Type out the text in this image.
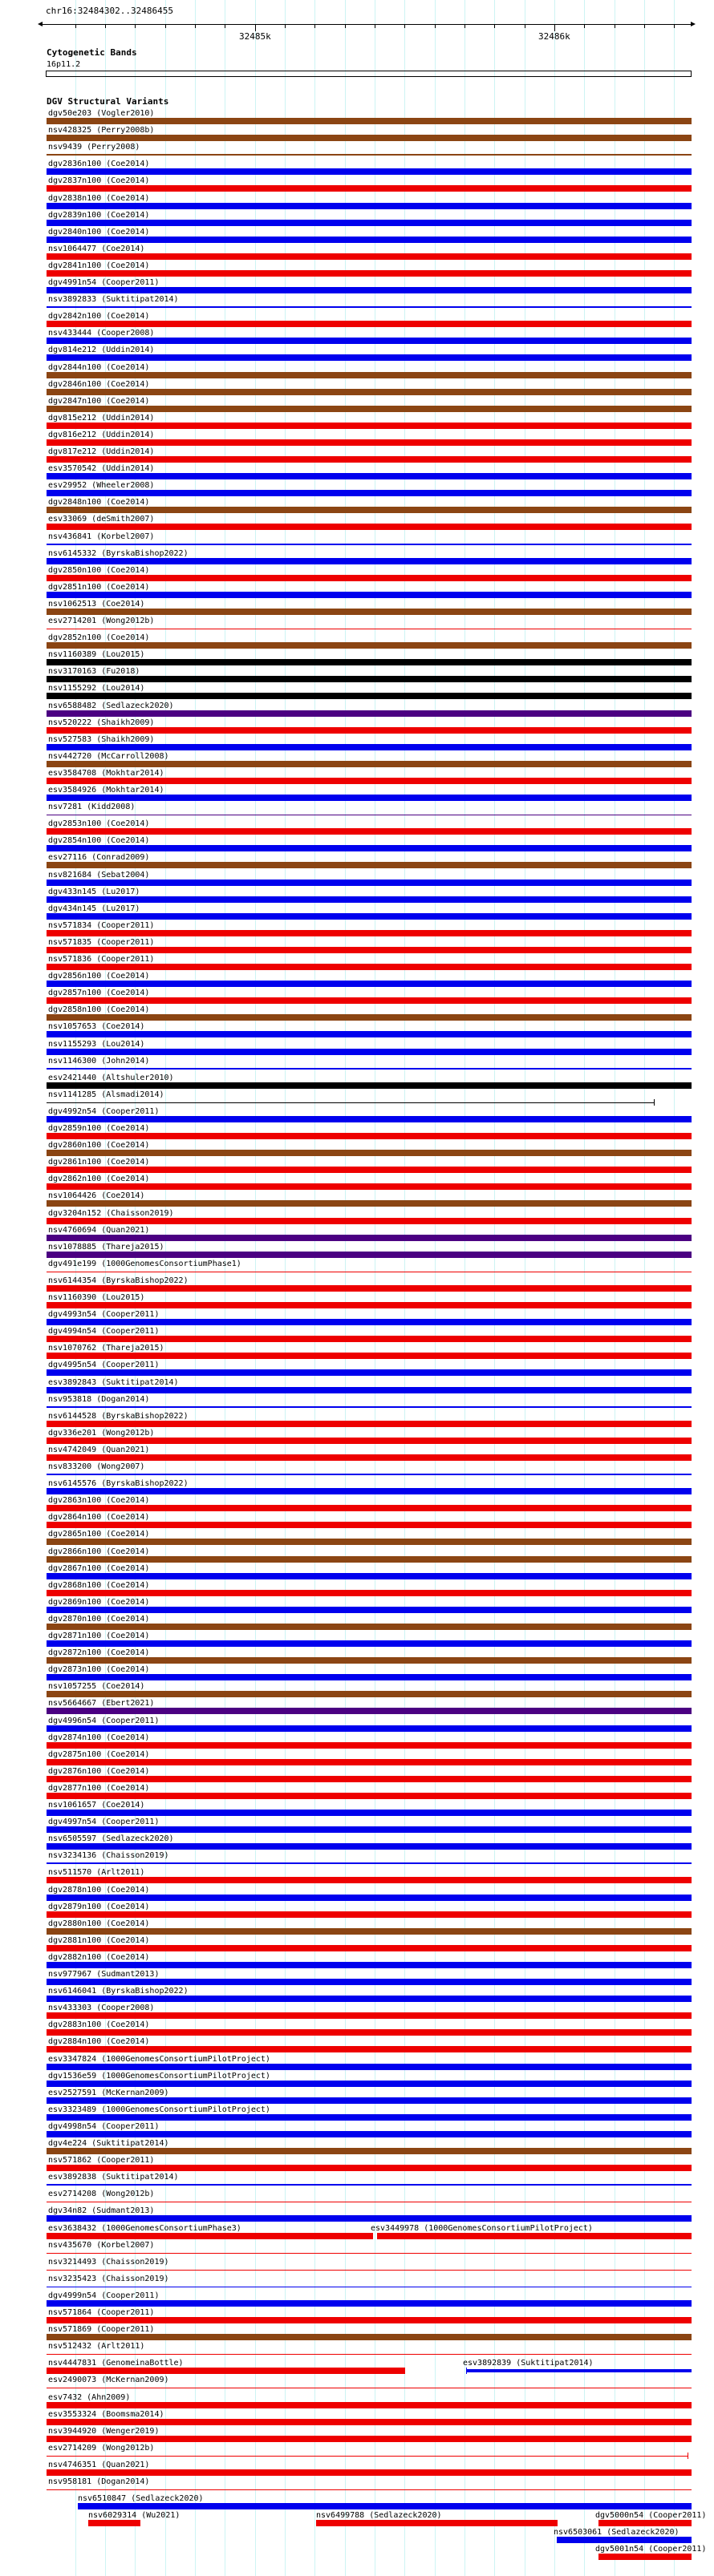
chr16:32484302..32486455
32485k	32486k
Cytogenetic Bands
16p11.2
DGV Structural Variants
dgv50e203 (Vogler2010)
nsv428325 (Perry2008b)
nsv9439 (Perry2008)
dgv2836n100 (Coe2014)
dgv2837n100 (Coe2014)
dgv2838n100 (Coe2014)
dgv2839n100 (Coe2014)
dgv2840n100 (Coe2014)
nsv1064477 (Coe2014)
dgv2841n100 (Coe2014)
dgv4991n54 (Cooper2011)
nsv3892833 (Suktitipat2014)
dgv2842n100 (Coe2014)
nsv433444 (Cooper2008)
dgv814e212 (Uddin2014)
dgv2844n100 (Coe2014)
dgv2846n100 (Coe2014)
dgv2847n100 (Coe2014)
dgv815e212 (Uddin2014)
dgv816e212 (Uddin2014)
dgv817e212 (Uddin2014)
esv3570542 (Uddin2014)
esv29952 (Wheeler2008)
dgv2848n100 (Coe2014)
esv33069 (deSmith2007)
nsv436841 (Korbel2007)
nsv6145332 (ByrskaBishop2022)
dgv2850n100 (Coe2014)
dgv2851n100 (Coe2014)
nsv1062513 (Coe2014)
esv2714201 (Wong2012b)
dgv2852n100 (Coe2014)
nsv1160389 (Lou2015)
nsv3170163 (Fu2018)
nsv1155292 (Lou2014)
nsv6588482 (Sedlazeck2020)
nsv520222 (Shaikh2009)
nsv527583 (Shaikh2009)
nsv442720 (McCarroll2008)
esv3584708 (Mokhtar2014)
esv3584926 (Mokhtar2014)
nsv7281 (Kidd2008)
dgv2853n100 (Coe2014)
dgv2854n100 (Coe2014)
esv27116 (Conrad2009)
nsv821684 (Sebat2004)
dgv433n145 (Lu2017)
dgv434n145 (Lu2017)
nsv571834 (Cooper2011)
nsv571835 (Cooper2011)
nsv571836 (Cooper2011)
dgv2856n100 (Coe2014)
dgv2857n100 (Coe2014)
dgv2858n100 (Coe2014)
nsv1057653 (Coe2014)
nsv1155293 (Lou2014)
nsv1146300 (John2014)
esv2421440 (Altshuler2010)
nsv1141285 (Alsmadi2014)
dgv4992n54 (Cooper2011)
dgv2859n100 (Coe2014)
dgv2860n100 (Coe2014)
dgv2861n100 (Coe2014)
dgv2862n100 (Coe2014)
nsv1064426 (Coe2014)
dgv3204n152 (Chaisson2019)
nsv4760694 (Quan2021)
nsv1078885 (Thareja2015)
dgv491e199 (1000GenomesConsortiumPhase1)
nsv6144354 (ByrskaBishop2022)
nsv1160390 (Lou2015)
dgv4993n54 (Cooper2011)
dgv4994n54 (Cooper2011)
nsv1070762 (Thareja2015)
dgv4995n54 (Cooper2011)
esv3892843 (Suktitipat2014)
nsv953818 (Dogan2014)
nsv6144528 (ByrskaBishop2022)
dgv336e201 (Wong2012b)
nsv4742049 (Quan2021)
nsv833200 (Wong2007)
nsv6145576 (ByrskaBishop2022)
dgv2863n100 (Coe2014)
dgv2864n100 (Coe2014)
dgv2865n100 (Coe2014)
dgv2866n100 (Coe2014)
dgv2867n100 (Coe2014)
dgv2868n100 (Coe2014)
dgv2869n100 (Coe2014)
dgv2870n100 (Coe2014)
dgv2871n100 (Coe2014)
dgv2872n100 (Coe2014)
dgv2873n100 (Coe2014)
nsv1057255 (Coe2014)
nsv5664667 (Ebert2021)
dgv4996n54 (Cooper2011)
dgv2874n100 (Coe2014)
dgv2875n100 (Coe2014)
dgv2876n100 (Coe2014)
dgv2877n100 (Coe2014)
nsv1061657 (Coe2014)
dgv4997n54 (Cooper2011)
nsv6505597 (Sedlazeck2020)
nsv3234136 (Chaisson2019)
nsv511570 (Arlt2011)
dgv2878n100 (Coe2014)
dgv2879n100 (Coe2014)
dgv2880n100 (Coe2014)
dgv2881n100 (Coe2014)
dgv2882n100 (Coe2014)
nsv977967 (Sudmant2013)
nsv6146041 (ByrskaBishop2022)
nsv433303 (Cooper2008)
dgv2883n100 (Coe2014)
dgv2884n100 (Coe2014)
esv3347824 (1000GenomesConsortiumPilotProject)
dgv1536e59 (1000GenomesConsortiumPilotProject)
esv2527591 (McKernan2009)
esv3323489 (1000GenomesConsortiumPilotProject)
dgv4998n54 (Cooper2011)
dgv4e224 (Suktitipat2014)
nsv571862 (Cooper2011)
esv3892838 (Suktitipat2014)
esv2714208 (Wong2012b)
dgv34n82 (Sudmant2013)
esv3638432 (1000GenomesConsortiumPhase3)	esv3449978 (1000GenomesConsortiumPilotProject)
nsv435670 (Korbel2007)
nsv3214493 (Chaisson2019)
nsv3235423 (Chaisson2019)
dgv4999n54 (Cooper2011)
nsv571864 (Cooper2011)
nsv571869 (Cooper2011)
nsv512432 (Arlt2011)
nsv4447831 (GenomeinaBottle)	esv3892839 (Suktitipat2014)
esv2490073 (McKernan2009)
esv7432 (Ahn2009)
esv3553324 (Boomsma2014)
nsv3944920 (Wenger2019)
esv2714209 (Wong2012b)
nsv4746351 (Quan2021)
nsv958181 (Dogan2014)
nsv6510847 (Sedlazeck2020)
nsv6029314 (Wu2021)	nsv6499788 (Sedlazeck2020)	dgv5000n54 (Cooper2011)
nsv6503061 (Sedlazeck2020)
dgv5001n54 (Cooper2011)
